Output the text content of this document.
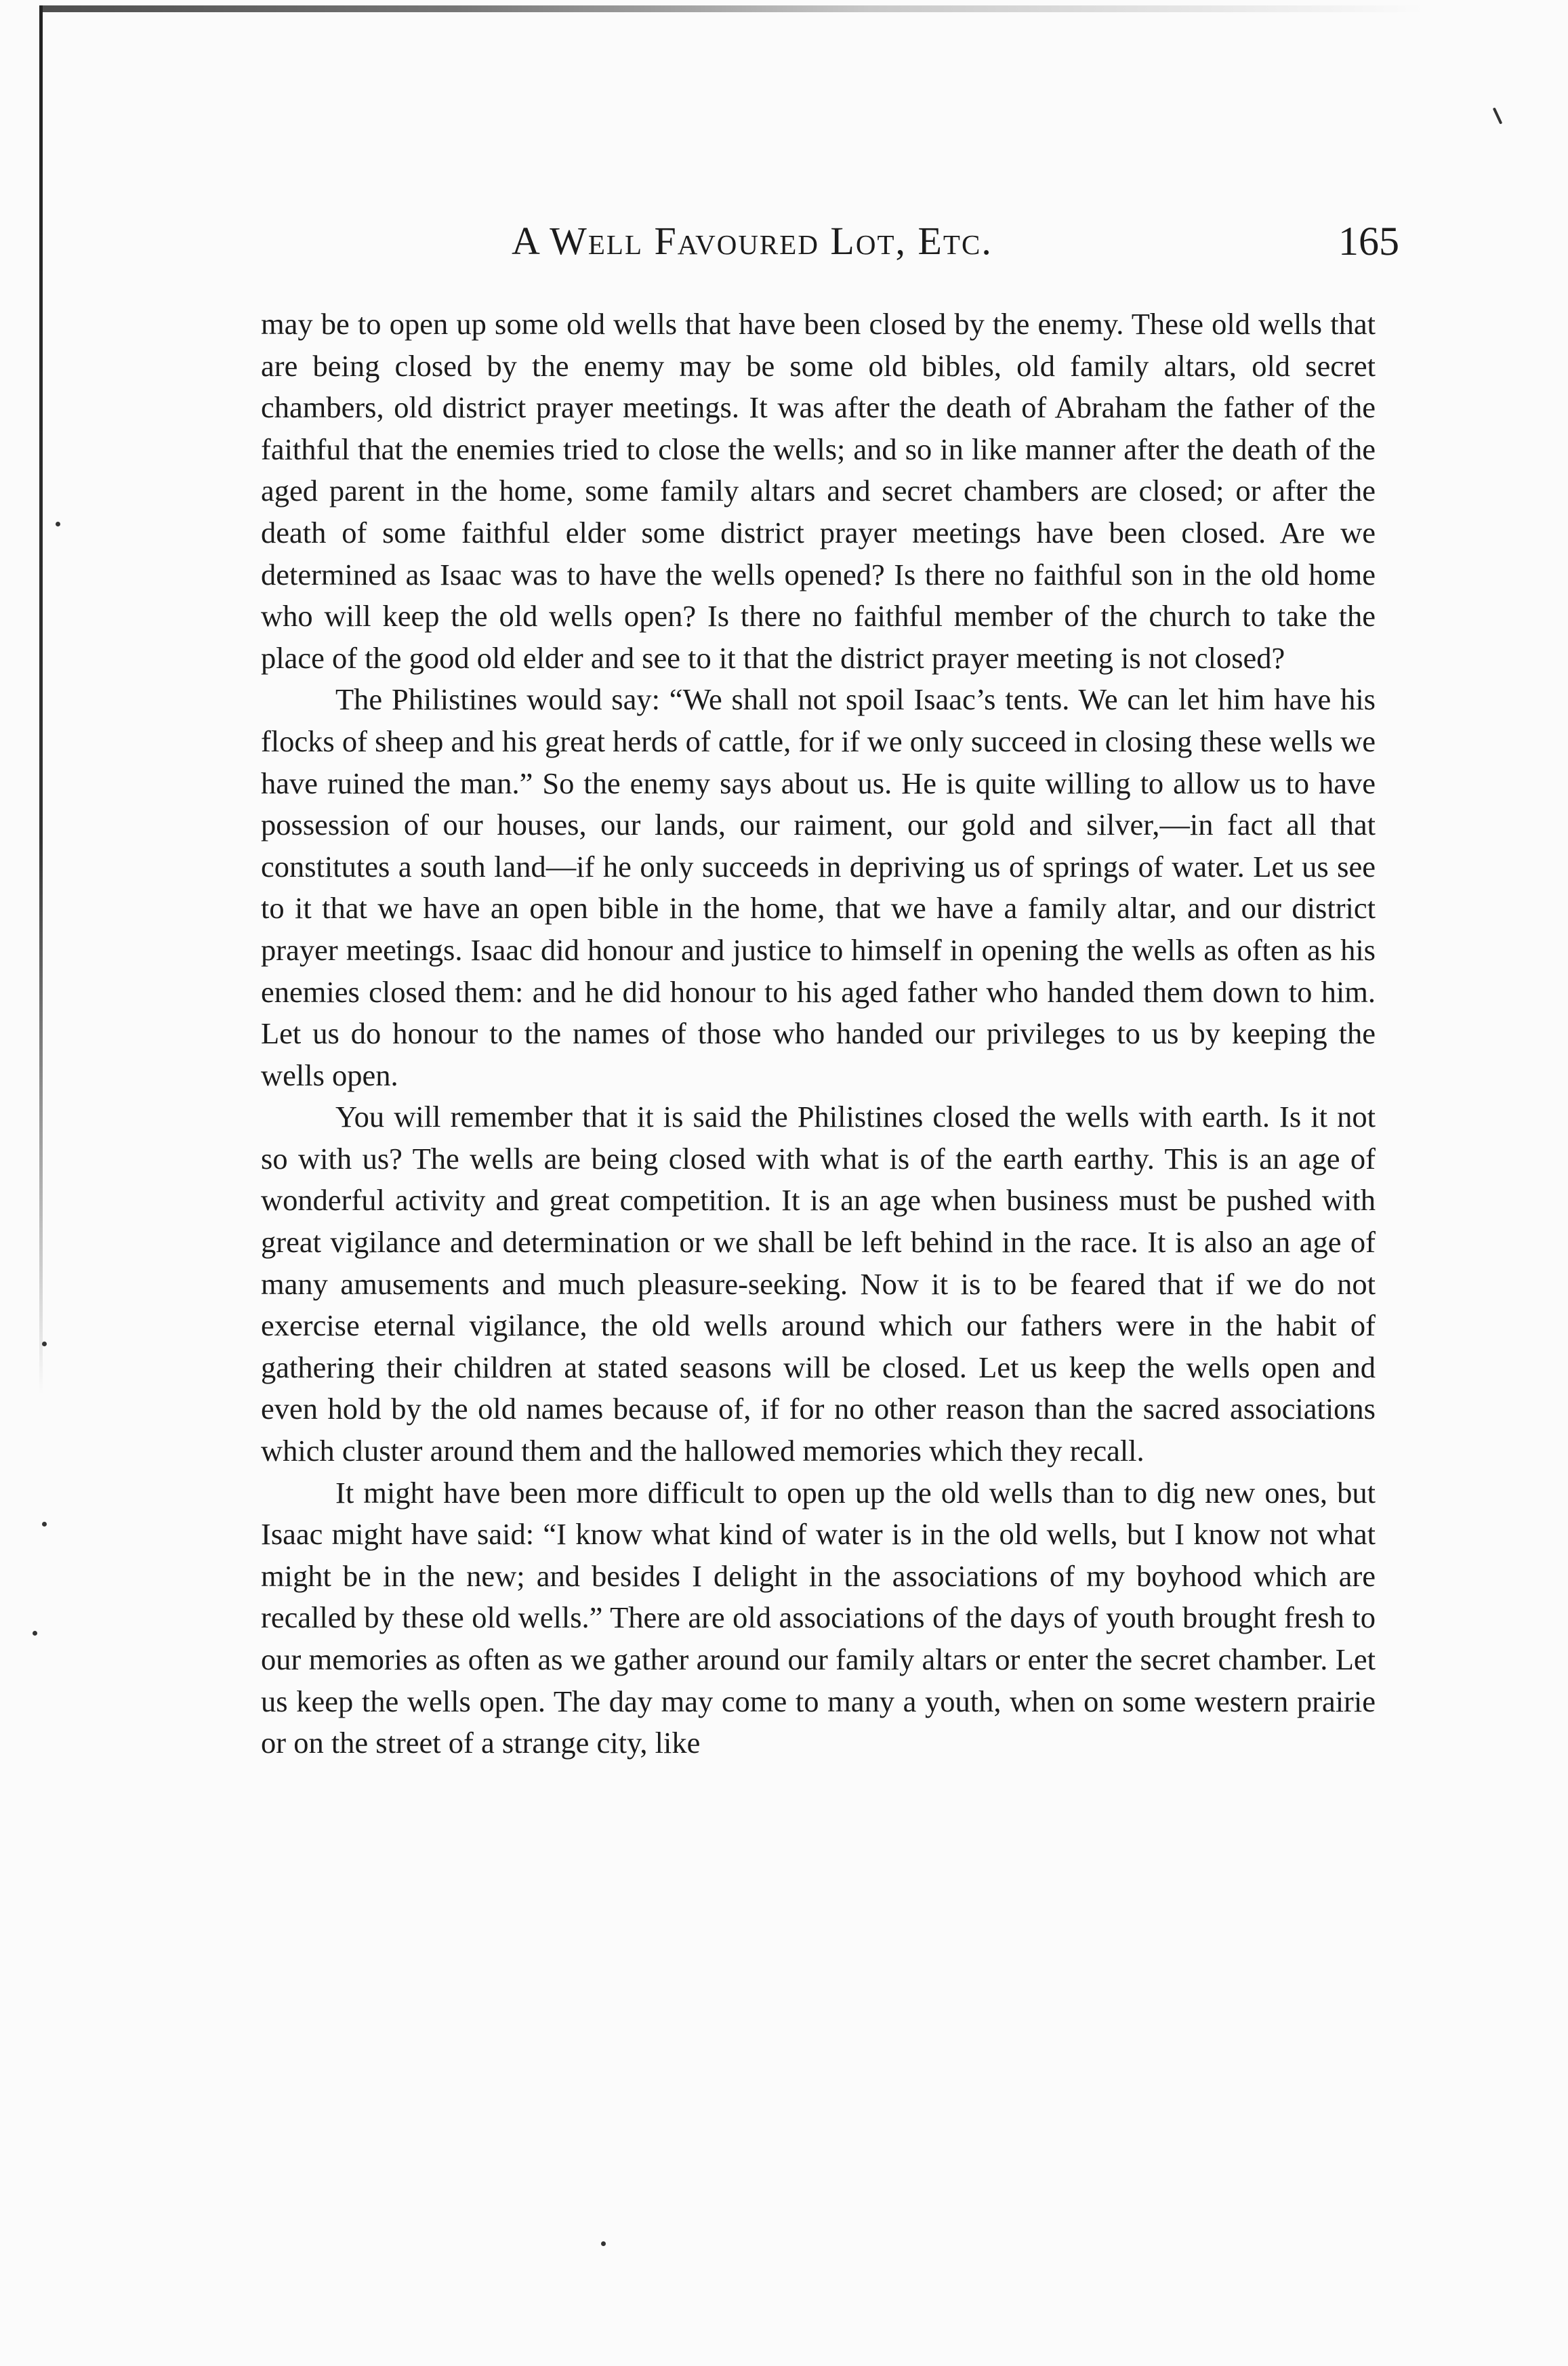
A Well Favoured Lot, Etc.	165

may be to open up some old wells that have been closed by the enemy. These old wells that are being closed by the enemy may be some old bibles, old family altars, old secret chambers, old district prayer meetings. It was after the death of Abraham the father of the faithful that the enemies tried to close the wells; and so in like manner after the death of the aged parent in the home, some family altars and secret chambers are closed; or after the death of some faithful elder some district prayer meetings have been closed. Are we determined as Isaac was to have the wells opened? Is there no faithful son in the old home who will keep the old wells open? Is there no faithful member of the church to take the place of the good old elder and see to it that the district prayer meeting is not closed?

The Philistines would say: “We shall not spoil Isaac’s tents. We can let him have his flocks of sheep and his great herds of cattle, for if we only succeed in closing these wells we have ruined the man.” So the enemy says about us. He is quite willing to allow us to have possession of our houses, our lands, our raiment, our gold and silver,—in fact all that constitutes a south land—if he only succeeds in depriving us of springs of water. Let us see to it that we have an open bible in the home, that we have a family altar, and our district prayer meetings. Isaac did honour and justice to himself in opening the wells as often as his enemies closed them: and he did honour to his aged father who handed them down to him. Let us do honour to the names of those who handed our privileges to us by keeping the wells open.

You will remember that it is said the Philistines closed the wells with earth. Is it not so with us? The wells are being closed with what is of the earth earthy. This is an age of wonderful activity and great competition. It is an age when business must be pushed with great vigilance and determination or we shall be left behind in the race. It is also an age of many amusements and much pleasure-seeking. Now it is to be feared that if we do not exercise eternal vigilance, the old wells around which our fathers were in the habit of gathering their children at stated seasons will be closed. Let us keep the wells open and even hold by the old names because of, if for no other reason than the sacred associations which cluster around them and the hallowed memories which they recall.

It might have been more difficult to open up the old wells than to dig new ones, but Isaac might have said: “I know what kind of water is in the old wells, but I know not what might be in the new; and besides I delight in the associations of my boyhood which are recalled by these old wells.” There are old associations of the days of youth brought fresh to our memories as often as we gather around our family altars or enter the secret chamber. Let us keep the wells open. The day may come to many a youth, when on some western prairie or on the street of a strange city, like
